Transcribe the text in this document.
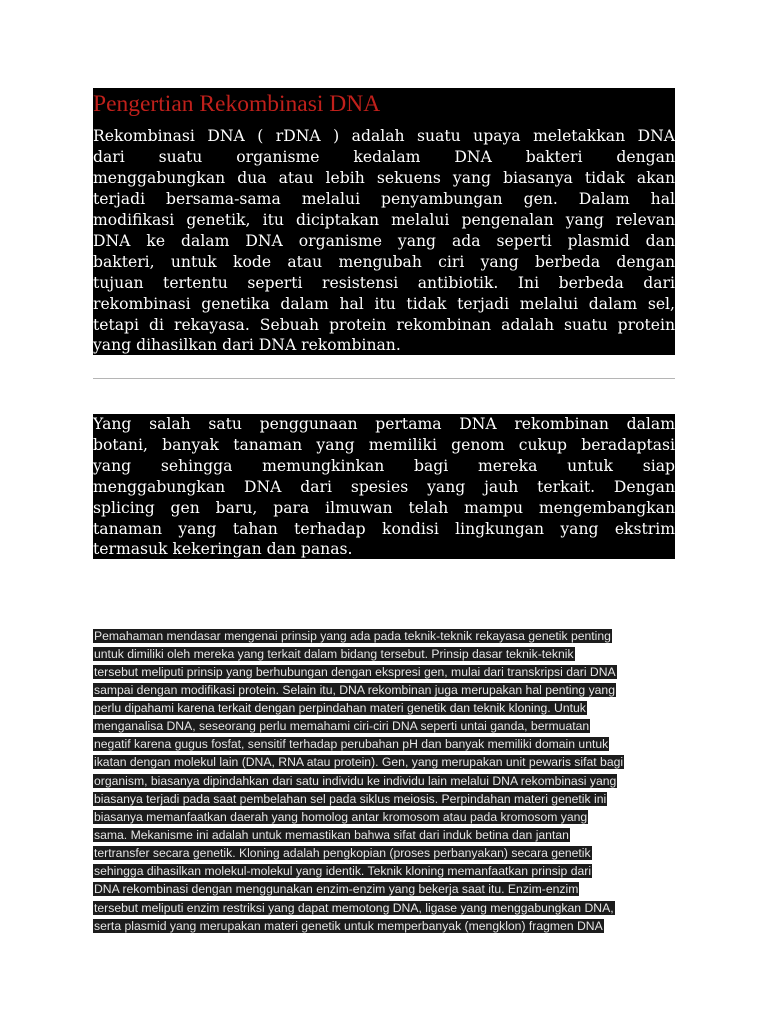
Pengertian Rekombinasi DNA
Rekombinasi DNA ( rDNA ) adalah suatu upaya meletakkan DNA
dari suatu organisme kedalam DNA bakteri dengan
menggabungkan dua atau lebih sekuens yang biasanya tidak akan
terjadi bersama-sama melalui penyambungan gen. Dalam hal
modifikasi genetik, itu diciptakan melalui pengenalan yang relevan
DNA ke dalam DNA organisme yang ada seperti plasmid dan
bakteri, untuk kode atau mengubah ciri yang berbeda dengan
tujuan tertentu seperti resistensi antibiotik. Ini berbeda dari
rekombinasi genetika dalam hal itu tidak terjadi melalui dalam sel,
tetapi di rekayasa. Sebuah protein rekombinan adalah suatu protein
yang dihasilkan dari DNA rekombinan.
Yang salah satu penggunaan pertama DNA rekombinan dalam
botani, banyak tanaman yang memiliki genom cukup beradaptasi
yang sehingga memungkinkan bagi mereka untuk siap
menggabungkan DNA dari spesies yang jauh terkait. Dengan
splicing gen baru, para ilmuwan telah mampu mengembangkan
tanaman yang tahan terhadap kondisi lingkungan yang ekstrim
termasuk kekeringan dan panas.
Pemahaman mendasar mengenai prinsip yang ada pada teknik-teknik rekayasa genetik penting
untuk dimiliki oleh mereka yang terkait dalam bidang tersebut. Prinsip dasar teknik-teknik
tersebut meliputi prinsip yang berhubungan dengan ekspresi gen, mulai dari transkripsi dari DNA
sampai dengan modifikasi protein. Selain itu, DNA rekombinan juga merupakan hal penting yang
perlu dipahami karena terkait dengan perpindahan materi genetik dan teknik kloning. Untuk
menganalisa DNA, seseorang perlu memahami ciri-ciri DNA seperti untai ganda, bermuatan
negatif karena gugus fosfat, sensitif terhadap perubahan pH dan banyak memiliki domain untuk
ikatan dengan molekul lain (DNA, RNA atau protein). Gen, yang merupakan unit pewaris sifat bagi
organism, biasanya dipindahkan dari satu individu ke individu lain melalui DNA rekombinasi yang
biasanya terjadi pada saat pembelahan sel pada siklus meiosis. Perpindahan materi genetik ini
biasanya memanfaatkan daerah yang homolog antar kromosom atau pada kromosom yang
sama. Mekanisme ini adalah untuk memastikan bahwa sifat dari induk betina dan jantan
tertransfer secara genetik. Kloning adalah pengkopian (proses perbanyakan) secara genetik
sehingga dihasilkan molekul-molekul yang identik. Teknik kloning memanfaatkan prinsip dari
DNA rekombinasi dengan menggunakan enzim-enzim yang bekerja saat itu. Enzim-enzim
tersebut meliputi enzim restriksi yang dapat memotong DNA, ligase yang menggabungkan DNA,
serta plasmid yang merupakan materi genetik untuk memperbanyak (mengklon) fragmen DNA
